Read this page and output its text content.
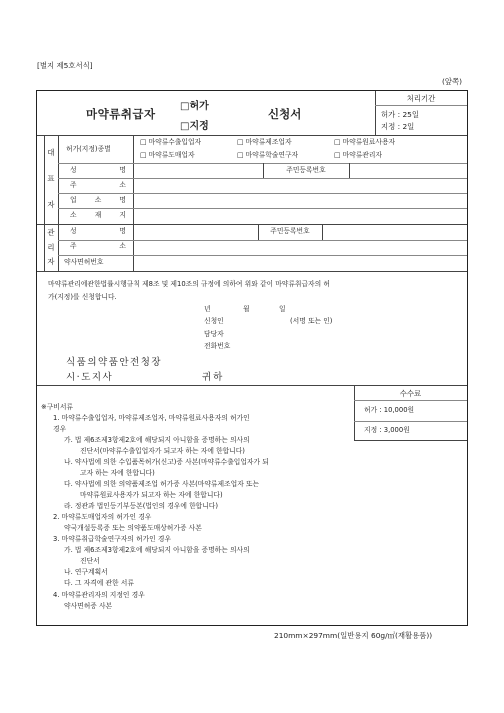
[별지 제5호서식]
(앞쪽)
마약류취급자
□허가
□지정
신청서
처리기간
허가 : 25일
지정 : 2일
대
표
자
허가(지정)종별
□ 마약류수출입업자	□ 마약류제조업자	□ 마약류원료사용자
□ 마약류도매업자	□ 마약류학술연구자	□ 마약류관리자
성	명	주민등록번호
주	소
업	소	명
소	재	지
관
리
자
성	명	주민등록번호
주	소
약사면허번호
마약류관리에관한법률시행규칙 제8조 및 제10조의 규정에 의하여 위와 같이 마약류취급자의 허
가(지정)를 신청합니다.
년	월	일
신청인	(서명 또는 인)
담당자
전화번호
식품의약품안전청장
시·도지사	귀하
수수료
허가 : 10,000원
지정 : 3,000원
※구비서류
1. 마약류수출입업자, 마약류제조업자, 마약류원료사용자의 허가인
경우
가. 법 제6조제3항제2호에 해당되지 아니함을 증명하는 의사의
진단서(마약류수출입업자가 되고자 하는 자에 한합니다)
나. 약사법에 의한 수입품목허가(신고)증 사본(마약류수출입업자가 되
고자 하는 자에 한합니다)
다. 약사법에 의한 의약품제조업 허가증 사본(마약류제조업자 또는
마약류원료사용자가 되고자 하는 자에 한합니다)
라. 정관과 법인등기부등본(법인의 경우에 한합니다)
2. 마약류도매업자의 허가인 경우
약국개설등록증 또는 의약품도매상허가증 사본
3. 마약류취급학술연구자의 허가인 경우
가. 법 제6조제3항제2호에 해당되지 아니함을 증명하는 의사의
진단서
나. 연구계획서
다. 그 자격에 관한 서류
4. 마약류관리자의 지정인 경우
약사면허증 사본
210mm×297mm(일반용지 60g/㎡(재활용품))
